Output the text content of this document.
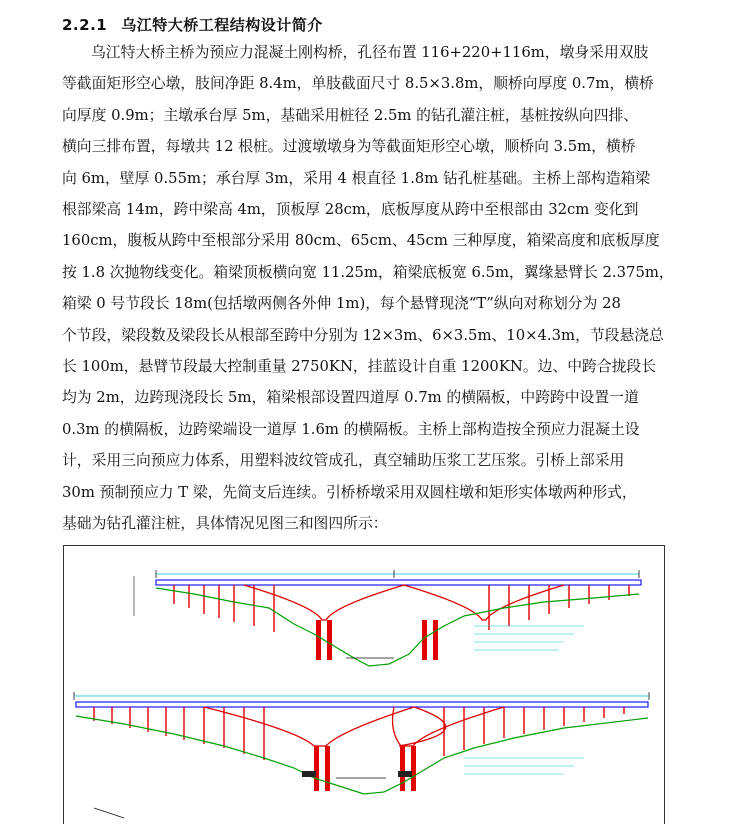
2.2.1 乌江特大桥工程结构设计简介
乌江特大桥主桥为预应力混凝土刚构桥，孔径布置 116+220+116m，墩身采用双肢
等截面矩形空心墩，肢间净距 8.4m，单肢截面尺寸 8.5×3.8m，顺桥向厚度 0.7m，横桥
向厚度 0.9m；主墩承台厚 5m，基础采用桩径 2.5m 的钻孔灌注桩，基桩按纵向四排、
横向三排布置，每墩共 12 根桩。过渡墩墩身为等截面矩形空心墩，顺桥向 3.5m，横桥
向 6m，壁厚 0.55m；承台厚 3m，采用 4 根直径 1.8m 钻孔桩基础。主桥上部构造箱梁
根部梁高 14m，跨中梁高 4m，顶板厚 28cm，底板厚度从跨中至根部由 32cm 变化到
160cm，腹板从跨中至根部分采用 80cm、65cm、45cm 三种厚度，箱梁高度和底板厚度
按 1.8 次抛物线变化。箱梁顶板横向宽 11.25m，箱梁底板宽 6.5m，翼缘悬臂长 2.375m，
箱梁 0 号节段长 18m(包括墩两侧各外伸 1m)，每个悬臂现浇“T”纵向对称划分为 28
个节段，梁段数及梁段长从根部至跨中分别为 12×3m、6×3.5m、10×4.3m，节段悬浇总
长 100m，悬臂节段最大控制重量 2750KN，挂蓝设计自重 1200KN。边、中跨合拢段长
均为 2m，边跨现浇段长 5m，箱梁根部设置四道厚 0.7m 的横隔板，中跨跨中设置一道
0.3m 的横隔板，边跨梁端设一道厚 1.6m 的横隔板。主桥上部构造按全预应力混凝土设
计，采用三向预应力体系，用塑料波纹管成孔，真空辅助压浆工艺压浆。引桥上部采用
30m 预制预应力 T 梁，先简支后连续。引桥桥墩采用双圆柱墩和矩形实体墩两种形式，
基础为钻孔灌注桩，具体情况见图三和图四所示：
